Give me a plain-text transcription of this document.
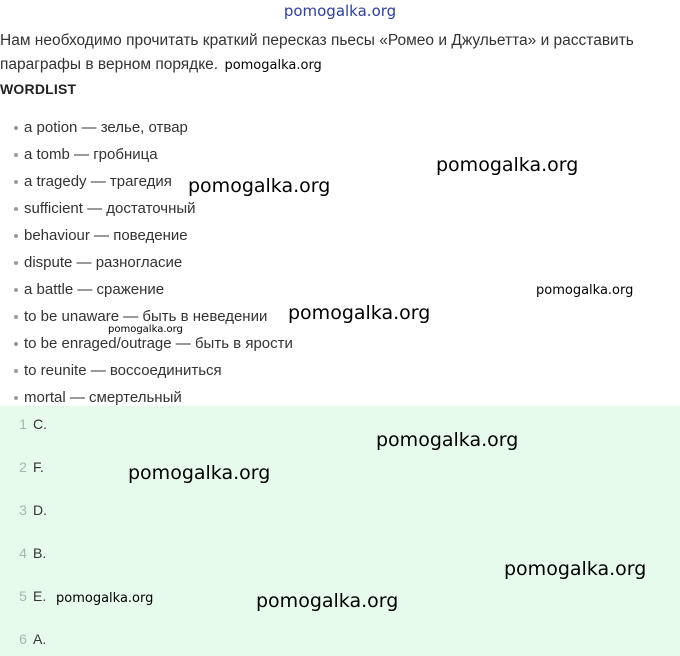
pomogalka.org
Нам необходимо прочитать краткий пересказ пьесы «Ромео и Джульетта» и расставить параграфы в верном порядке. pomogalka.org
WORDLIST
a potion — зелье, отвар
a tomb — гробница
a tragedy — трагедия
sufficient — достаточный
behaviour — поведение
dispute — разногласие
a battle — сражение
to be unaware — быть в неведении
to be enraged/outrage — быть в ярости
to reunite — воссоединиться
mortal — смертельный
1 C.
2 F.
3 D.
4 B.
5 E.
6 A.
pomogalka.org
pomogalka.org
pomogalka.org
pomogalka.org
pomogalka.org
pomogalka.org
pomogalka.org
pomogalka.org
pomogalka.org	pomogalka.org
